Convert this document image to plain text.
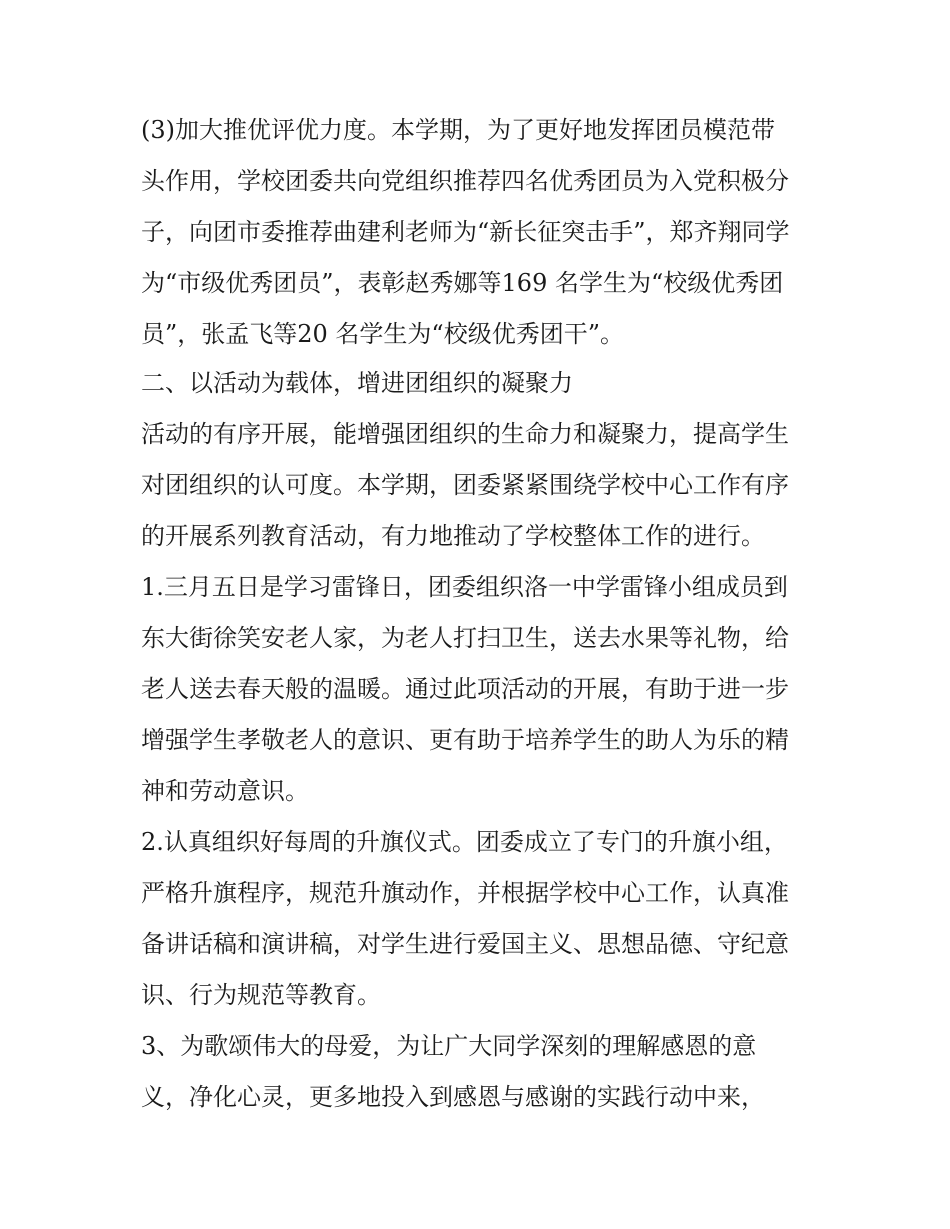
(3)加大推优评优力度。本学期，为了更好地发挥团员模范带
头作用，学校团委共向党组织推荐四名优秀团员为入党积极分
子，向团市委推荐曲建利老师为“新长征突击手”，郑齐翔同学
为“市级优秀团员”，表彰赵秀娜等169 名学生为“校级优秀团
员”，张孟飞等20 名学生为“校级优秀团干”。
二、以活动为载体，增进团组织的凝聚力
活动的有序开展，能增强团组织的生命力和凝聚力，提高学生
对团组织的认可度。本学期，团委紧紧围绕学校中心工作有序
的开展系列教育活动，有力地推动了学校整体工作的进行。
1.三月五日是学习雷锋日，团委组织洛一中学雷锋小组成员到
东大街徐笑安老人家，为老人打扫卫生，送去水果等礼物，给
老人送去春天般的温暖。通过此项活动的开展，有助于进一步
增强学生孝敬老人的意识、更有助于培养学生的助人为乐的精
神和劳动意识。
2.认真组织好每周的升旗仪式。团委成立了专门的升旗小组，
严格升旗程序，规范升旗动作，并根据学校中心工作，认真准
备讲话稿和演讲稿，对学生进行爱国主义、思想品德、守纪意
识、行为规范等教育。
3、为歌颂伟大的母爱，为让广大同学深刻的理解感恩的意
义，净化心灵，更多地投入到感恩与感谢的实践行动中来，
